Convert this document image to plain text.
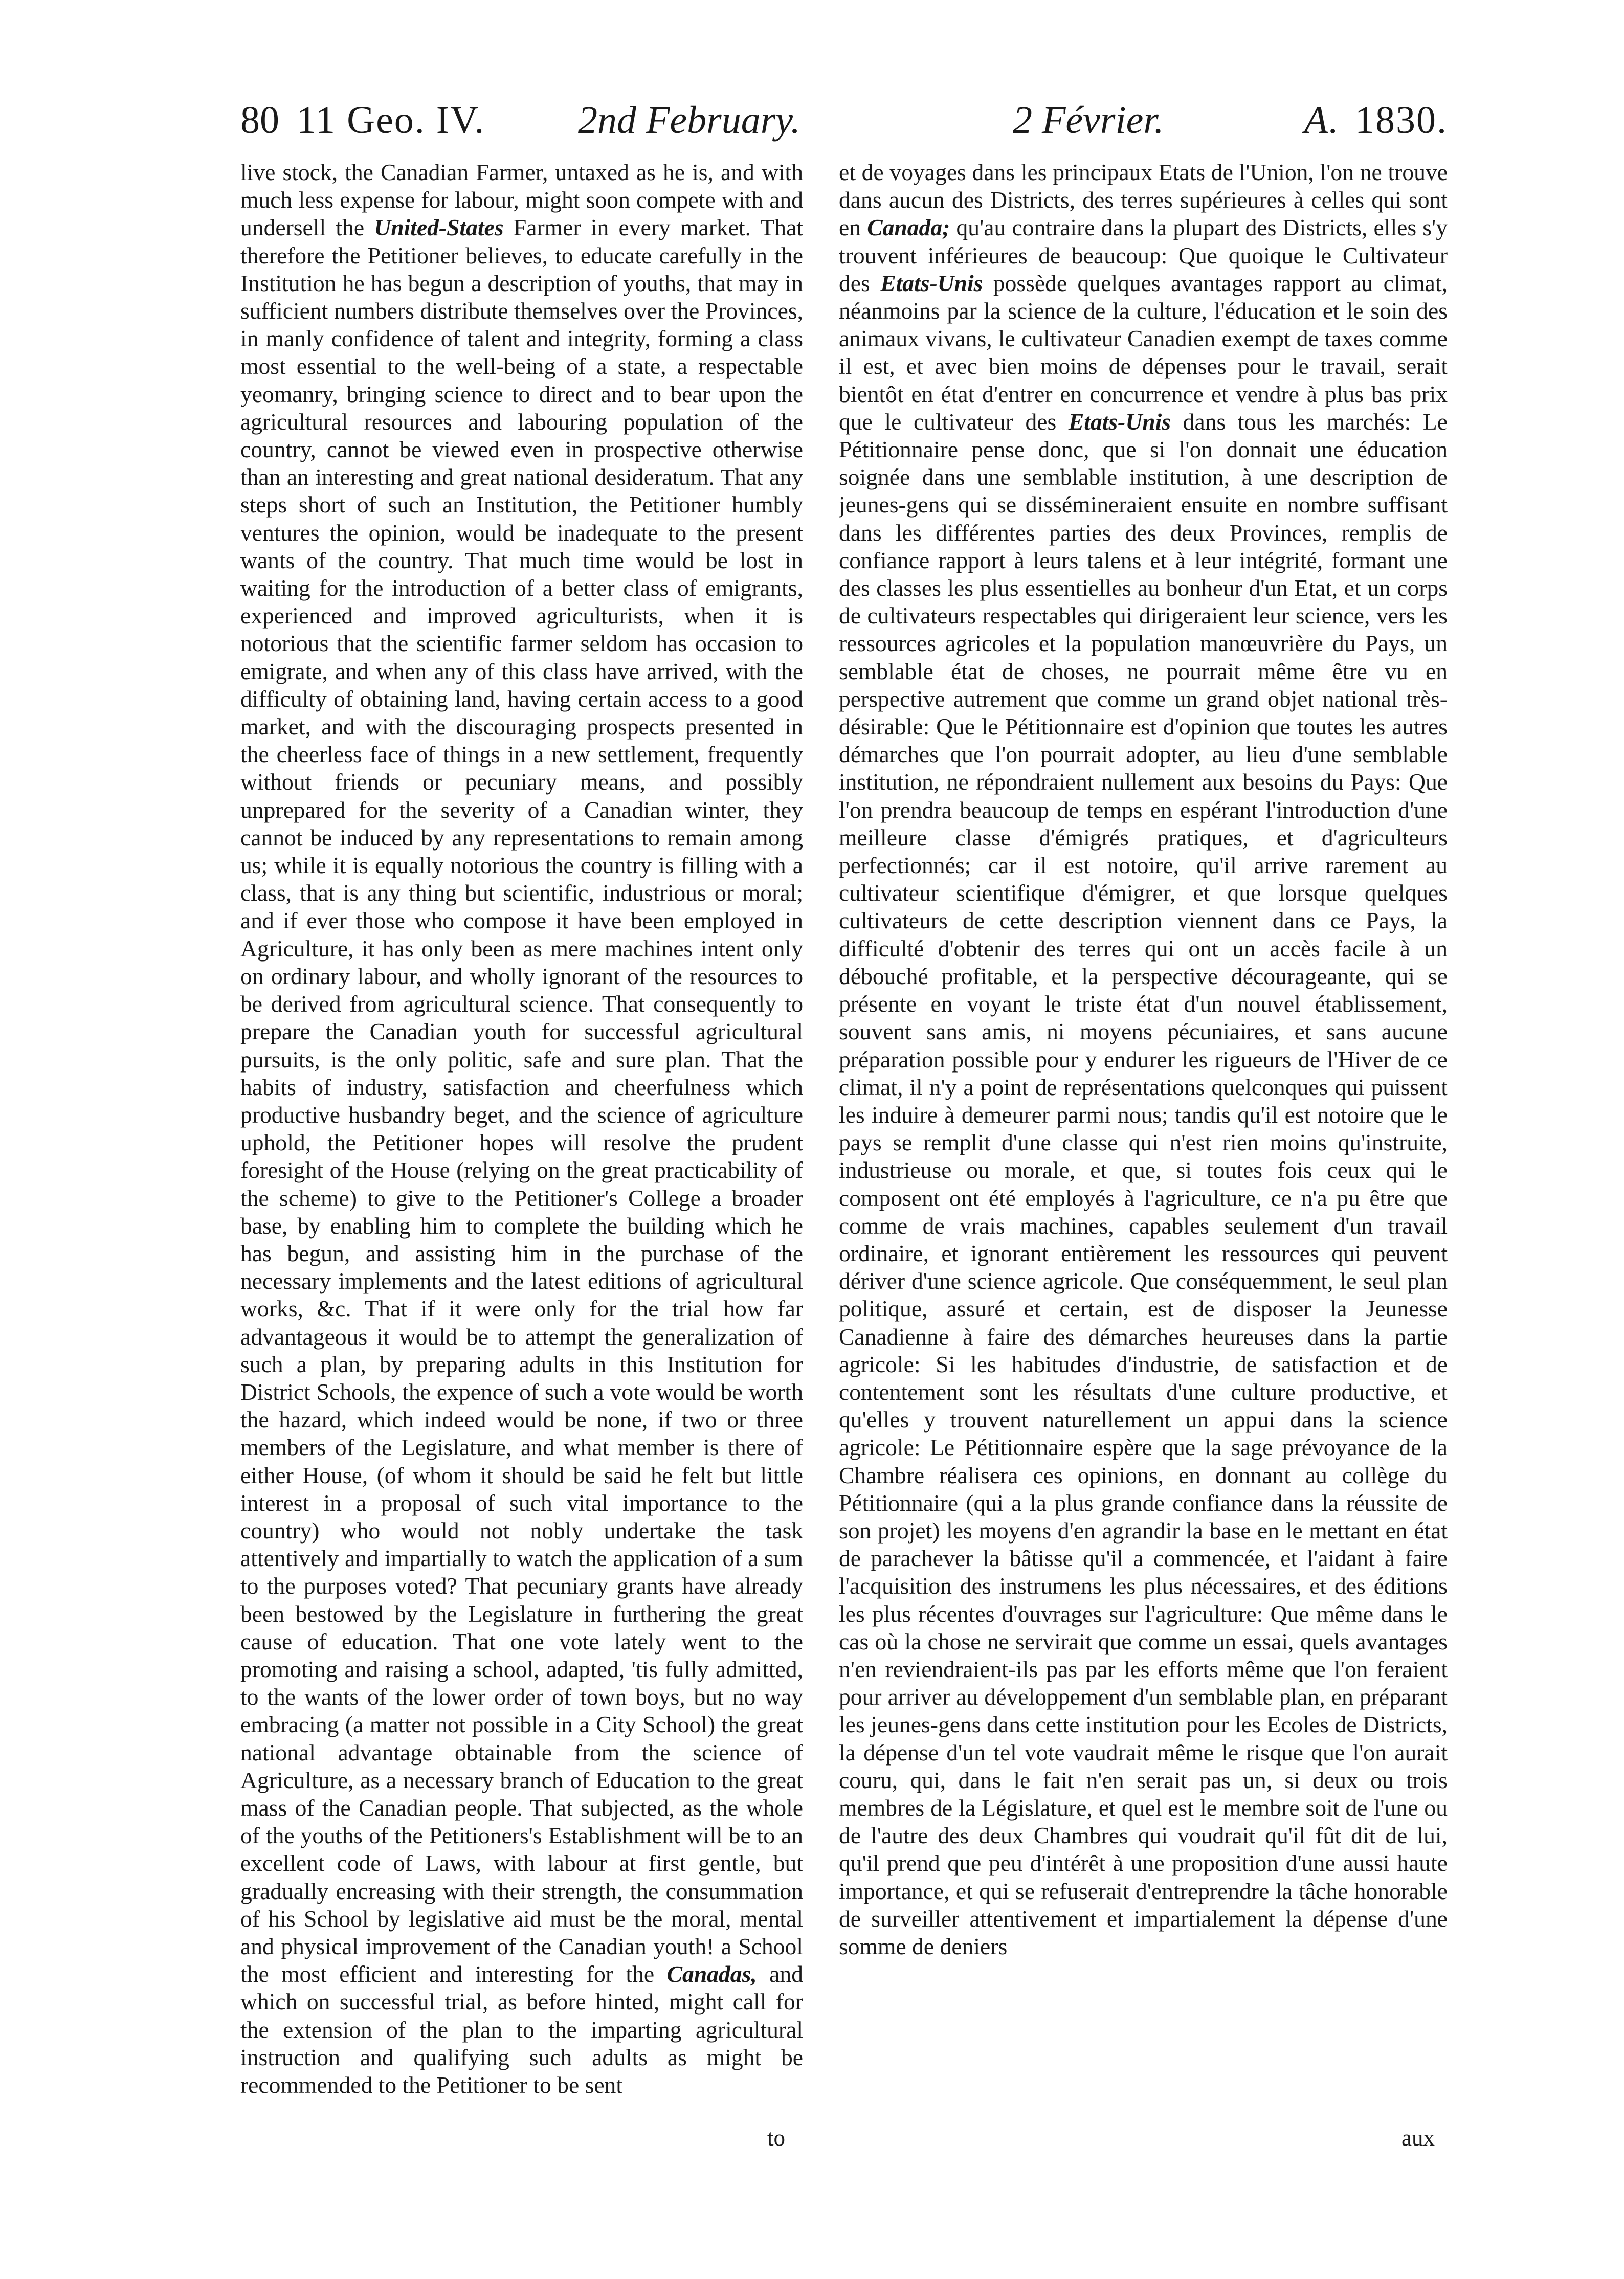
80 11 Geo. IV. 2nd February.	2 Février.	A. 1830.

live stock, the Canadian Farmer, untaxed as he is, and with much less expense for labour, might soon compete with and undersell the United-States Farmer in every market. That therefore the Petitioner believes, to educate carefully in the Institution he has begun a description of youths, that may in sufficient numbers distribute themselves over the Provinces, in manly confidence of talent and integrity, forming a class most essential to the well-being of a state, a respectable yeomanry, bringing science to direct and to bear upon the agricultural resources and labouring population of the country, cannot be viewed even in prospective otherwise than an interesting and great national desideratum. That any steps short of such an Institution, the Petitioner humbly ventures the opinion, would be inadequate to the present wants of the country. That much time would be lost in waiting for the introduction of a better class of emigrants, experienced and improved agriculturists, when it is notorious that the scientific farmer seldom has occasion to emigrate, and when any of this class have arrived, with the difficulty of obtaining land, having certain access to a good market, and with the discouraging prospects presented in the cheerless face of things in a new settlement, frequently without friends or pecuniary means, and possibly unprepared for the severity of a Canadian winter, they cannot be induced by any representations to remain among us; while it is equally notorious the country is filling with a class, that is any thing but scientific, industrious or moral; and if ever those who compose it have been employed in Agriculture, it has only been as mere machines intent only on ordinary labour, and wholly ignorant of the resources to be derived from agricultural science. That consequently to prepare the Canadian youth for successful agricultural pursuits, is the only politic, safe and sure plan. That the habits of industry, satisfaction and cheerfulness which productive husbandry beget, and the science of agriculture uphold, the Petitioner hopes will resolve the prudent foresight of the House (relying on the great practicability of the scheme) to give to the Petitioner's College a broader base, by enabling him to complete the building which he has begun, and assisting him in the purchase of the necessary implements and the latest editions of agricultural works, &c. That if it were only for the trial how far advantageous it would be to attempt the generalization of such a plan, by preparing adults in this Institution for District Schools, the expence of such a vote would be worth the hazard, which indeed would be none, if two or three members of the Legislature, and what member is there of either House, (of whom it should be said he felt but little interest in a proposal of such vital importance to the country) who would not nobly undertake the task attentively and impartially to watch the application of a sum to the purposes voted? That pecuniary grants have already been bestowed by the Legislature in furthering the great cause of education. That one vote lately went to the promoting and raising a school, adapted, 'tis fully admitted, to the wants of the lower order of town boys, but no way embracing (a matter not possible in a City School) the great national advantage obtainable from the science of Agriculture, as a necessary branch of Education to the great mass of the Canadian people. That subjected, as the whole of the youths of the Petitioners's Establishment will be to an excellent code of Laws, with labour at first gentle, but gradually encreasing with their strength, the consummation of his School by legislative aid must be the moral, mental and physical improvement of the Canadian youth! a School the most efficient and interesting for the Canadas, and which on successful trial, as before hinted, might call for the extension of the plan to the imparting agricultural instruction and qualifying such adults as might be recommended to the Petitioner to be sent

et de voyages dans les principaux Etats de l'Union, l'on ne trouve dans aucun des Districts, des terres supérieures à celles qui sont en Canada; qu'au contraire dans la plupart des Districts, elles s'y trouvent inférieures de beaucoup: Que quoique le Cultivateur des Etats-Unis possède quelques avantages rapport au climat, néanmoins par la science de la culture, l'éducation et le soin des animaux vivans, le cultivateur Canadien exempt de taxes comme il est, et avec bien moins de dépenses pour le travail, serait bientôt en état d'entrer en concurrence et vendre à plus bas prix que le cultivateur des Etats-Unis dans tous les marchés: Le Pétitionnaire pense donc, que si l'on donnait une éducation soignée dans une semblable institution, à une description de jeunes-gens qui se dissémineraient ensuite en nombre suffisant dans les différentes parties des deux Provinces, remplis de confiance rapport à leurs talens et à leur intégrité, formant une des classes les plus essentielles au bonheur d'un Etat, et un corps de cultivateurs respectables qui dirigeraient leur science, vers les ressources agricoles et la population manœuvrière du Pays, un semblable état de choses, ne pourrait même être vu en perspective autrement que comme un grand objet national très-désirable: Que le Pétitionnaire est d'opinion que toutes les autres démarches que l'on pourrait adopter, au lieu d'une semblable institution, ne répondraient nullement aux besoins du Pays: Que l'on prendra beaucoup de temps en espérant l'introduction d'une meilleure classe d'émigrés pratiques, et d'agriculteurs perfectionnés; car il est notoire, qu'il arrive rarement au cultivateur scientifique d'émigrer, et que lorsque quelques cultivateurs de cette description viennent dans ce Pays, la difficulté d'obtenir des terres qui ont un accès facile à un débouché profitable, et la perspective décourageante, qui se présente en voyant le triste état d'un nouvel établissement, souvent sans amis, ni moyens pécuniaires, et sans aucune préparation possible pour y endurer les rigueurs de l'Hiver de ce climat, il n'y a point de représentations quelconques qui puissent les induire à demeurer parmi nous; tandis qu'il est notoire que le pays se remplit d'une classe qui n'est rien moins qu'instruite, industrieuse ou morale, et que, si toutes fois ceux qui le composent ont été employés à l'agriculture, ce n'a pu être que comme de vrais machines, capables seulement d'un travail ordinaire, et ignorant entièrement les ressources qui peuvent dériver d'une science agricole. Que conséquemment, le seul plan politique, assuré et certain, est de disposer la Jeunesse Canadienne à faire des démarches heureuses dans la partie agricole: Si les habitudes d'industrie, de satisfaction et de contentement sont les résultats d'une culture productive, et qu'elles y trouvent naturellement un appui dans la science agricole: Le Pétitionnaire espère que la sage prévoyance de la Chambre réalisera ces opinions, en donnant au collège du Pétitionnaire (qui a la plus grande confiance dans la réussite de son projet) les moyens d'en agrandir la base en le mettant en état de parachever la bâtisse qu'il a commencée, et l'aidant à faire l'acquisition des instrumens les plus nécessaires, et des éditions les plus récentes d'ouvrages sur l'agriculture: Que même dans le cas où la chose ne servirait que comme un essai, quels avantages n'en reviendraient-ils pas par les efforts même que l'on feraient pour arriver au développement d'un semblable plan, en préparant les jeunes-gens dans cette institution pour les Ecoles de Districts, la dépense d'un tel vote vaudrait même le risque que l'on aurait couru, qui, dans le fait n'en serait pas un, si deux ou trois membres de la Législature, et quel est le membre soit de l'une ou de l'autre des deux Chambres qui voudrait qu'il fût dit de lui, qu'il prend que peu d'intérêt à une proposition d'une aussi haute importance, et qui se refuserait d'entreprendre la tâche honorable de surveiller attentivement et impartialement la dépense d'une somme de deniers

to	aux
